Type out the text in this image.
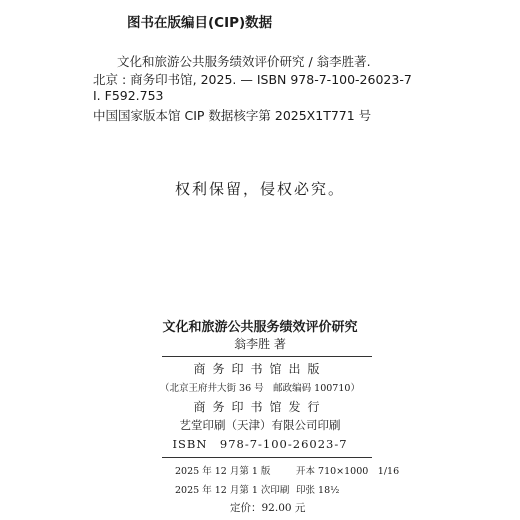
图书在版编目(CIP)数据
文化和旅游公共服务绩效评价研究 / 翁李胜著.
北京 : 商务印书馆, 2025. — ISBN 978-7-100-26023-7
Ⅰ. F592.753
中国国家版本馆 CIP 数据核字第 2025X1T771 号
权利保留，侵权必究。
文化和旅游公共服务绩效评价研究
翁李胜 著
商务印书馆出版
（北京王府井大街 36 号　邮政编码 100710）
商务印书馆发行
艺堂印刷（天津）有限公司印刷
ISBN　978-7-100-26023-7
2025 年 12 月第 1 版	开本 710×1000　1/16
2025 年 12 月第 1 次印刷 印张 18½
定价：92.00 元
